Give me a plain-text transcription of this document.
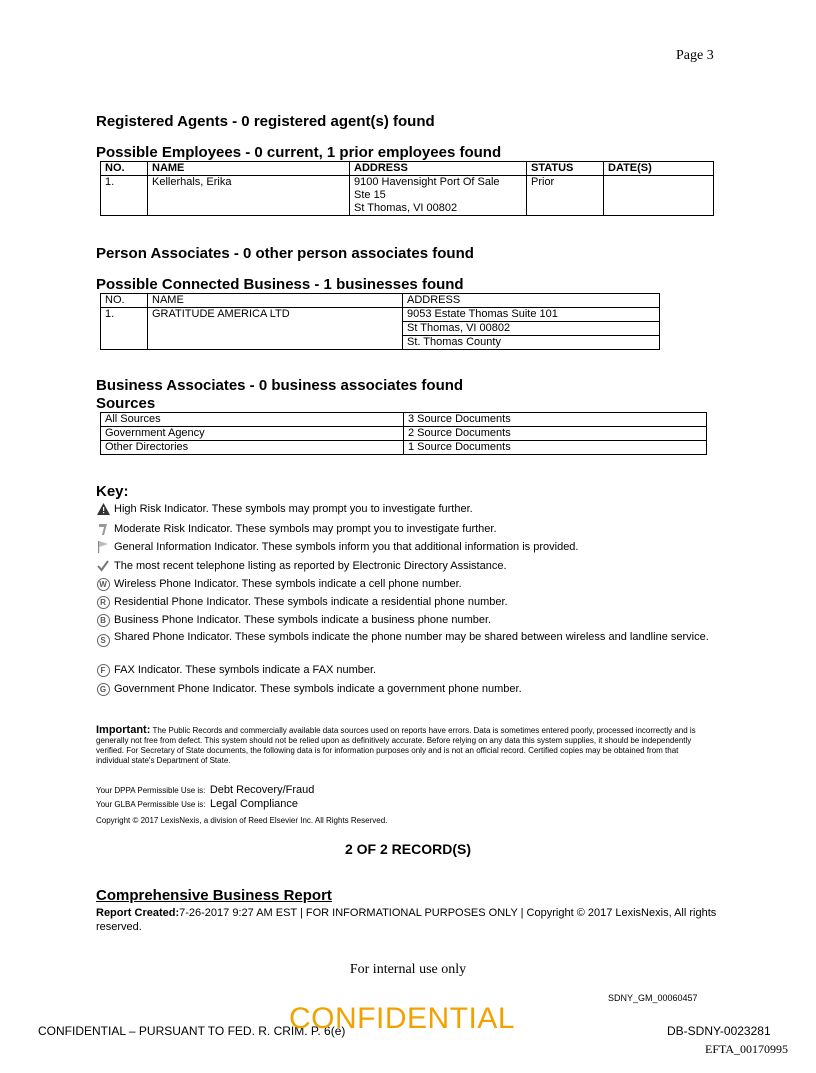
Page 3
Registered Agents - 0 registered agent(s) found
Possible Employees - 0 current, 1 prior employees found
NO.	NAME	ADDRESS	STATUS	DATE(S)
1.	Kellerhals, Erika	9100 Havensight Port Of Sale
Ste 15
St Thomas, VI 00802	Prior	
Person Associates - 0 other person associates found
Possible Connected Business - 1 businesses found
NO.	NAME	ADDRESS
1.	GRATITUDE AMERICA LTD	9053 Estate Thomas Suite 101
St Thomas, VI 00802
St. Thomas County
Business Associates - 0 business associates found
Sources
All Sources	3 Source Documents
Government Agency	2 Source Documents
Other Directories	1 Source Documents
Key:
High Risk Indicator. These symbols may prompt you to investigate further.
Moderate Risk Indicator. These symbols may prompt you to investigate further.
General Information Indicator. These symbols inform you that additional information is provided.
The most recent telephone listing as reported by Electronic Directory Assistance.
W Wireless Phone Indicator. These symbols indicate a cell phone number.
R Residential Phone Indicator. These symbols indicate a residential phone number.
B Business Phone Indicator. These symbols indicate a business phone number.
S Shared Phone Indicator. These symbols indicate the phone number may be shared between wireless and landline service.
F FAX Indicator. These symbols indicate a FAX number.
G Government Phone Indicator. These symbols indicate a government phone number.
Important: The Public Records and commercially available data sources used on reports have errors. Data is sometimes entered poorly, processed incorrectly and is generally not free from defect. This system should not be relied upon as definitively accurate. Before relying on any data this system supplies, it should be independently verified. For Secretary of State documents, the following data is for information purposes only and is not an official record. Certified copies may be obtained from that individual state's Department of State.
Your DPPA Permissible Use is: Debt Recovery/Fraud
Your GLBA Permissible Use is: Legal Compliance
Copyright © 2017 LexisNexis, a division of Reed Elsevier Inc. All Rights Reserved.
2 OF 2 RECORD(S)
Comprehensive Business Report
Report Created:7-26-2017 9:27 AM EST | FOR INFORMATIONAL PURPOSES ONLY | Copyright © 2017 LexisNexis, All rights reserved.
For internal use only
SDNY_GM_00060457
CONFIDENTIAL – PURSUANT TO FED. R. CRIM. P. 6(e)
CONFIDENTIAL	DB-SDNY-0023281
EFTA_00170995
